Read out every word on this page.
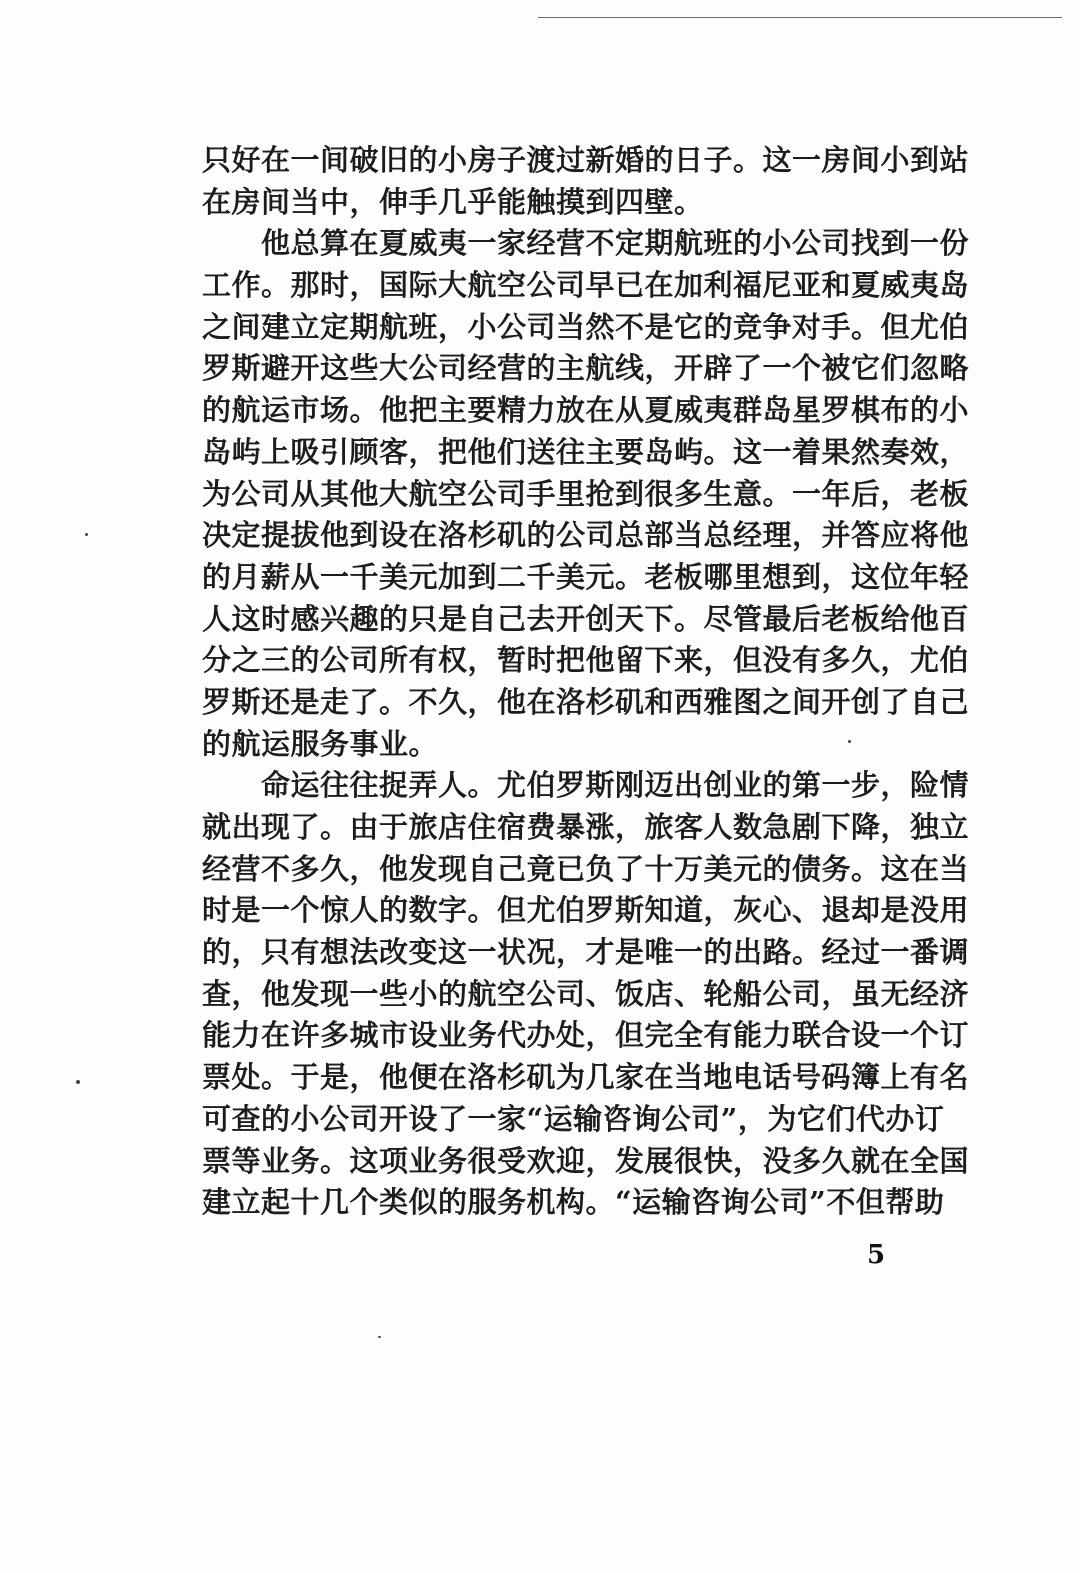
只好在一间破旧的小房子渡过新婚的日子。这一房间小到站
在房间当中，伸手几乎能触摸到四壁。
　　他总算在夏威夷一家经营不定期航班的小公司找到一份
工作。那时，国际大航空公司早已在加利福尼亚和夏威夷岛
之间建立定期航班，小公司当然不是它的竞争对手。但尤伯
罗斯避开这些大公司经营的主航线，开辟了一个被它们忽略
的航运市场。他把主要精力放在从夏威夷群岛星罗棋布的小
岛屿上吸引顾客，把他们送往主要岛屿。这一着果然奏效，
为公司从其他大航空公司手里抢到很多生意。一年后，老板
决定提拔他到设在洛杉矶的公司总部当总经理，并答应将他
的月薪从一千美元加到二千美元。老板哪里想到，这位年轻
人这时感兴趣的只是自己去开创天下。尽管最后老板给他百
分之三的公司所有权，暂时把他留下来，但没有多久，尤伯
罗斯还是走了。不久，他在洛杉矶和西雅图之间开创了自己
的航运服务事业。
　　命运往往捉弄人。尤伯罗斯刚迈出创业的第一步，险情
就出现了。由于旅店住宿费暴涨，旅客人数急剧下降，独立
经营不多久，他发现自己竟已负了十万美元的债务。这在当
时是一个惊人的数字。但尤伯罗斯知道，灰心、退却是没用
的，只有想法改变这一状况，才是唯一的出路。经过一番调
查，他发现一些小的航空公司、饭店、轮船公司，虽无经济
能力在许多城市设业务代办处，但完全有能力联合设一个订
票处。于是，他便在洛杉矶为几家在当地电话号码簿上有名
可查的小公司开设了一家“运输咨询公司”，为它们代办订
票等业务。这项业务很受欢迎，发展很快，没多久就在全国
建立起十几个类似的服务机构。“运输咨询公司”不但帮助
5
